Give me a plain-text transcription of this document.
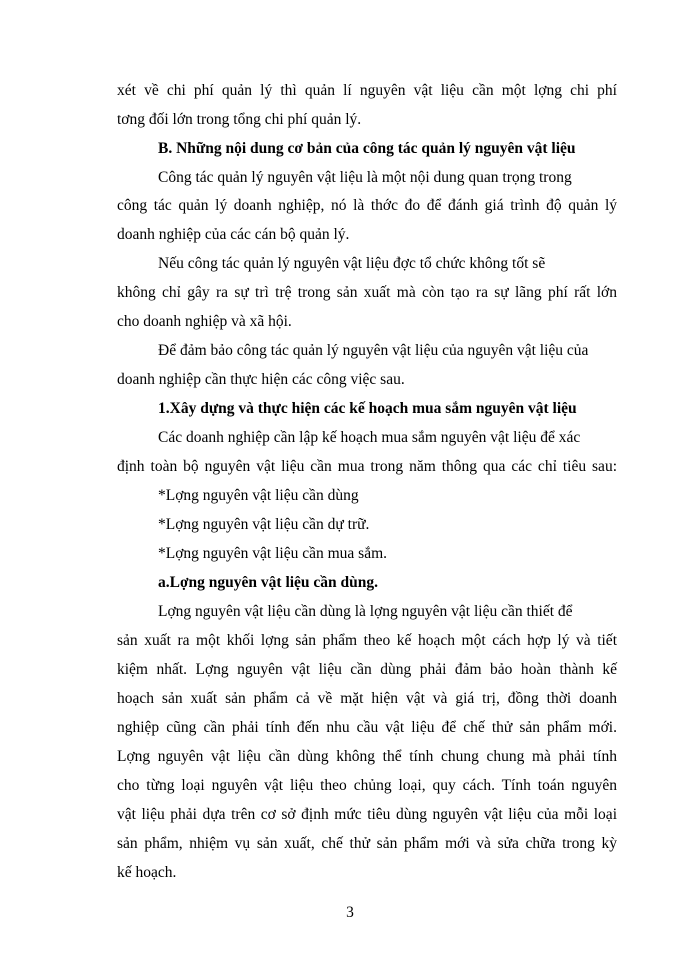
xét về chi phí quản lý thì quản lí nguyên vật liệu cần một lợng chi phí
tơng đối lớn trong tổng chi phí quản lý.
B. Những nội dung cơ bản của công tác quản lý nguyên vật liệu
Công tác quản lý nguyên vật liệu là một nội dung quan trọng trong
công tác quản lý doanh nghiệp, nó là thớc đo để đánh giá trình độ quản lý
doanh nghiệp của các cán bộ quản lý.
Nếu công tác quản lý nguyên vật liệu đợc tổ chức không tốt sẽ
không chỉ gây ra sự trì trệ trong sản xuất mà còn tạo ra sự lãng phí rất lớn
cho doanh nghiệp và xã hội.
Để đảm bảo công tác quản lý nguyên vật liệu của nguyên vật liệu của
doanh nghiệp cần thực hiện các công việc sau.
1.Xây dựng và thực hiện các kế hoạch mua sắm nguyên vật liệu
Các doanh nghiệp cần lập kế hoạch mua sắm nguyên vật liệu để xác
định toàn bộ nguyên vật liệu cần mua trong năm thông qua các chỉ tiêu sau:
*Lợng nguyên vật liệu cần dùng
*Lợng nguyên vật liệu cần dự trữ.
*Lợng nguyên vật liệu cần mua sắm.
a.Lợng nguyên vật liệu cần dùng.
Lợng nguyên vật liệu cần dùng là lợng nguyên vật liệu cần thiết để
sản xuất ra một khối lợng sản phẩm theo kế hoạch một cách hợp lý và tiết
kiệm nhất. Lợng nguyên vật liệu cần dùng phải đảm bảo hoàn thành kế
hoạch sản xuất sản phẩm cả về mặt hiện vật và giá trị, đồng thời doanh
nghiệp cũng cần phải tính đến nhu cầu vật liệu để chế thử sản phẩm mới.
Lợng nguyên vật liệu cần dùng không thể tính chung chung mà phải tính
cho từng loại nguyên vật liệu theo chủng loại, quy cách. Tính toán nguyên
vật liệu phải dựa trên cơ sở định mức tiêu dùng nguyên vật liệu của mỗi loại
sản phẩm, nhiệm vụ sản xuất, chế thử sản phẩm mới và sửa chữa trong kỳ
kế hoạch.
3
